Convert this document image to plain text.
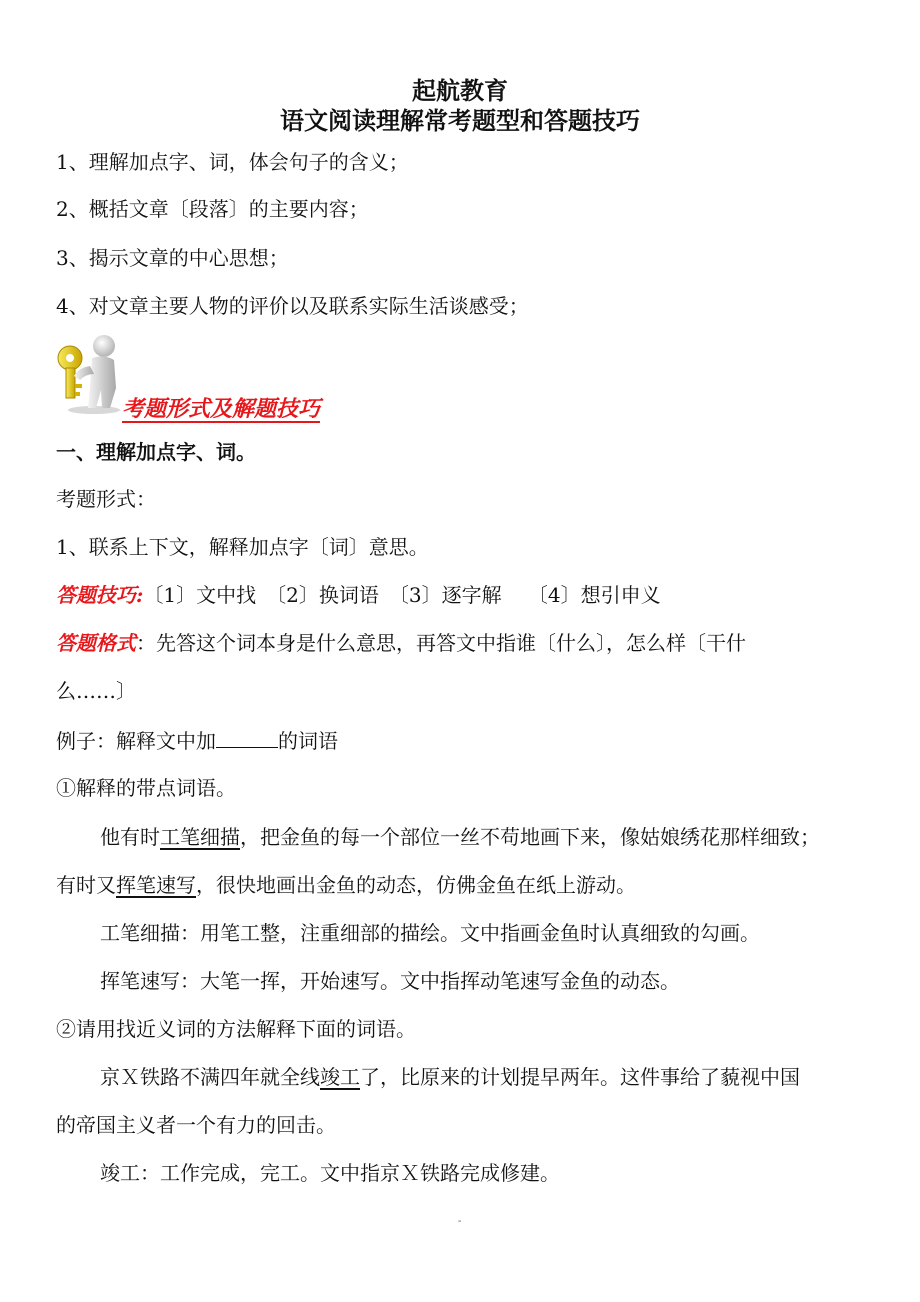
起航教育
语文阅读理解常考题型和答题技巧
1、理解加点字、词，体会句子的含义；
2、概括文章〔段落〕的主要内容；
3、揭示文章的中心思想；
4、对文章主要人物的评价以及联系实际生活谈感受；
考题形式及解题技巧
一、理解加点字、词。
考题形式：
1、联系上下文，解释加点字〔词〕意思。
答题技巧:〔1〕文中找　〔2〕换词语　〔3〕逐字解　 〔4〕想引申义
答题格式：先答这个词本身是什么意思，再答文中指谁〔什么〕，怎么样〔干什
么……〕
例子：解释文中加	的词语
①解释的带点词语。
他有时工笔细描，把金鱼的每一个部位一丝不苟地画下来，像姑娘绣花那样细致；
有时又挥笔速写，很快地画出金鱼的动态，仿佛金鱼在纸上游动。
工笔细描：用笔工整，注重细部的描绘。文中指画金鱼时认真细致的勾画。
挥笔速写：大笔一挥，开始速写。文中指挥动笔速写金鱼的动态。
②请用找近义词的方法解释下面的词语。
京Ｘ铁路不满四年就全线竣工了，比原来的计划提早两年。这件事给了藐视中国
的帝国主义者一个有力的回击。
竣工：工作完成，完工。文中指京Ｘ铁路完成修建。
-
